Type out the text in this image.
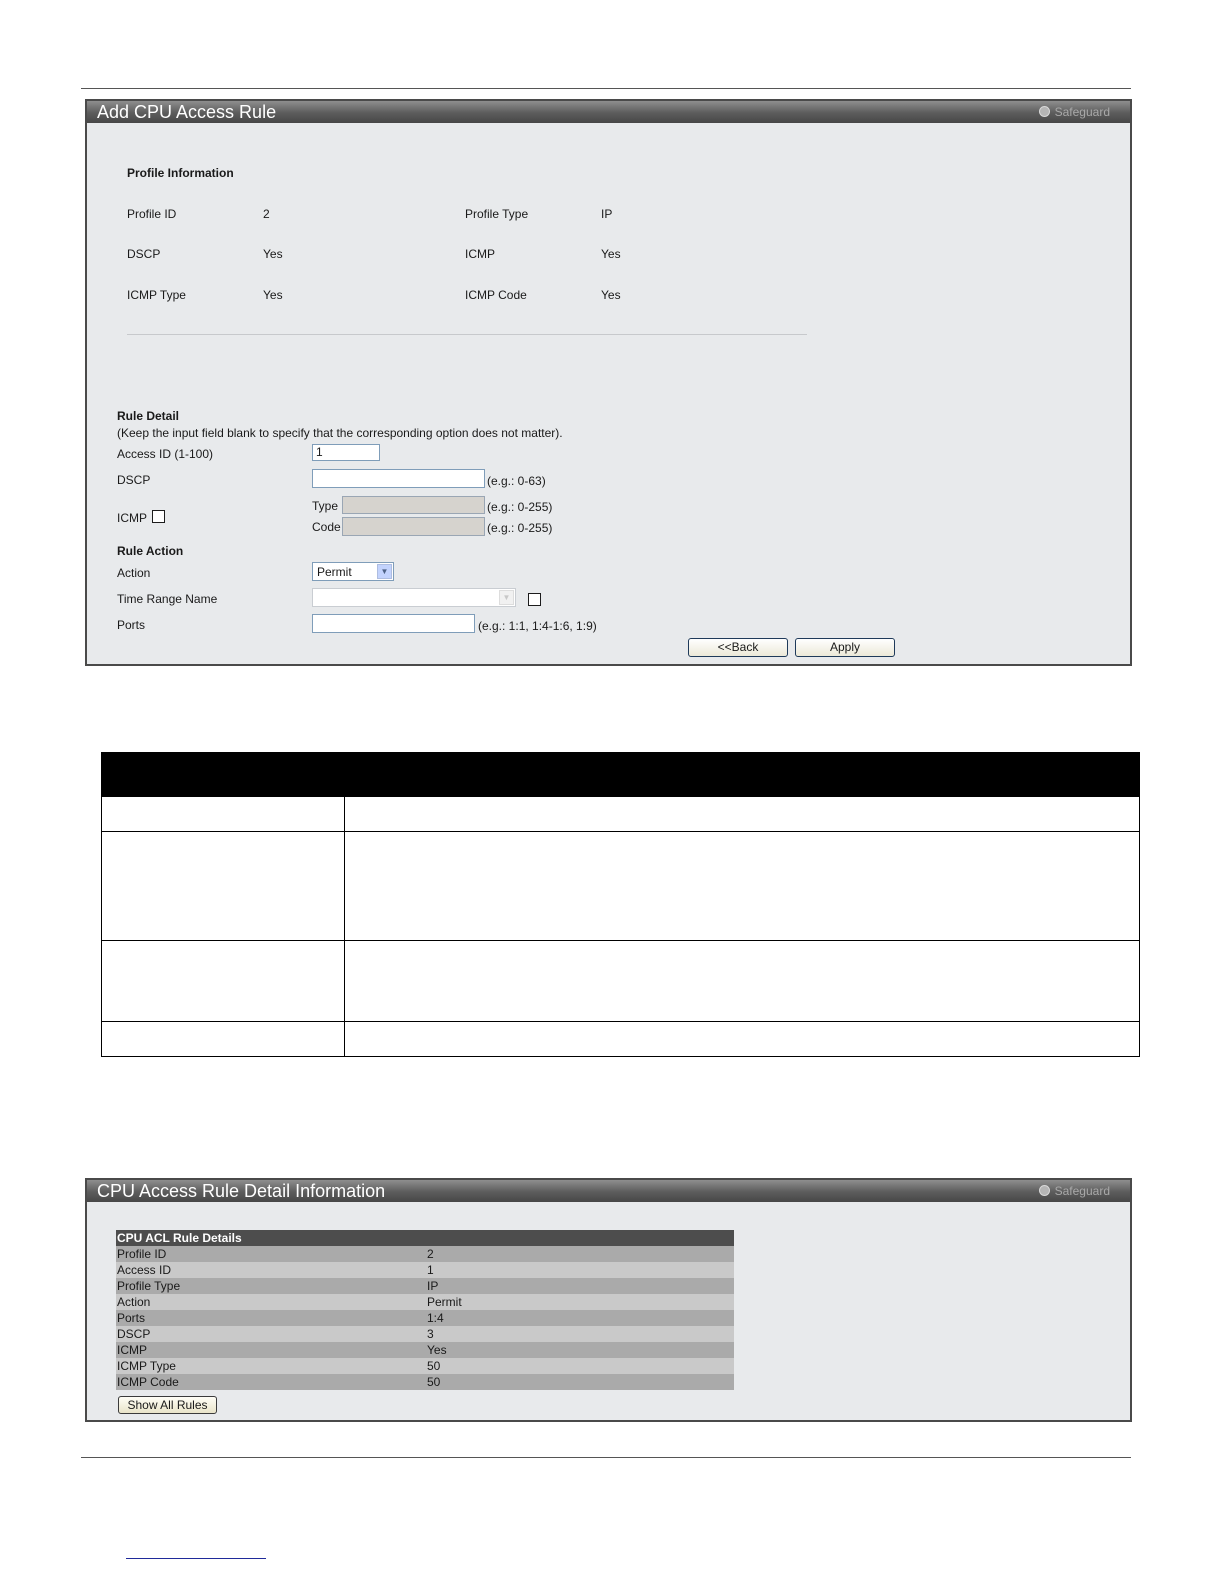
Add CPU Access Rule	Safeguard
Profile Information
Profile ID	2	Profile Type	IP
DSCP	Yes	ICMP	Yes
ICMP Type	Yes	ICMP Code	Yes
Rule Detail
(Keep the input field blank to specify that the corresponding option does not matter).
Access ID (1-100)	1
DSCP	(e.g.: 0-63)
ICMP
Type	(e.g.: 0-255)
Code	(e.g.: 0-255)
Rule Action
Action	Permit	▼
Time Range Name	▼
Ports	(e.g.: 1:1, 1:4-1:6, 1:9)
<<Back	Apply

CPU Access Rule Detail Information	Safeguard
CPU ACL Rule Details	
Profile ID	2
Access ID	1
Profile Type	IP
Action	Permit
Ports	1:4
DSCP	3
ICMP	Yes
ICMP Type	50
ICMP Code	50
Show All Rules
